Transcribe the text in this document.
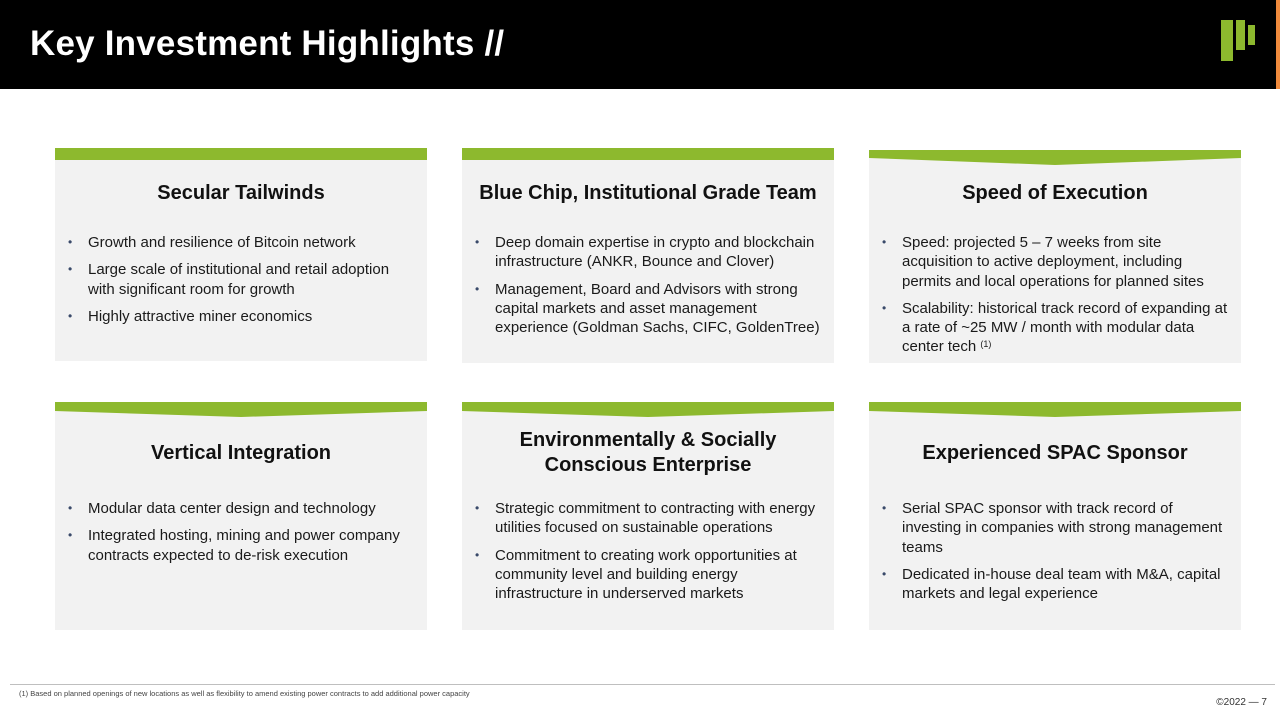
Key Investment Highlights //
Secular Tailwinds
• Growth and resilience of Bitcoin network
• Large scale of institutional and retail adoption with significant room for growth
• Highly attractive miner economics
Blue Chip, Institutional Grade Team
• Deep domain expertise in crypto and blockchain infrastructure (ANKR, Bounce and Clover)
• Management, Board and Advisors with strong capital markets and asset management experience (Goldman Sachs, CIFC, GoldenTree)
Speed of Execution
• Speed: projected 5 – 7 weeks from site acquisition to active deployment, including permits and local operations for planned sites
• Scalability: historical track record of expanding at a rate of ~25 MW / month with modular data center tech $^{(1)}$
Vertical Integration
• Modular data center design and technology
• Integrated hosting, mining and power company contracts expected to de-risk execution
Environmentally & Socially Conscious Enterprise
• Strategic commitment to contracting with energy utilities focused on sustainable operations
• Commitment to creating work opportunities at community level and building energy infrastructure in underserved markets
Experienced SPAC Sponsor
• Serial SPAC sponsor with track record of investing in companies with strong management teams
• Dedicated in-house deal team with M&A, capital markets and legal experience
(1) Based on planned openings of new locations as well as flexibility to amend existing power contracts to add additional power capacity
©2022 — 7
